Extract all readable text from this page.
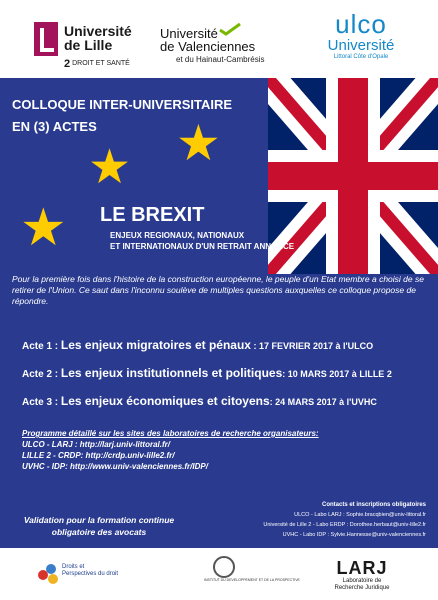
Université
de Lille
2 DROIT ET SANTÉ
Université
de Valenciennes
et du Hainaut-Cambrésis
ulco
Université
Littoral Côte d'Opale
COLLOQUE INTER-UNIVERSITAIRE
EN (3) ACTES	★
★
★ LE BREXIT
ENJEUX REGIONAUX, NATIONAUX
ET INTERNATIONAUX D'UN RETRAIT ANNONCE
Pour la première fois dans l'histoire de la construction européenne, le peuple d'un Etat membre a choisi de se retirer de l'Union. Ce saut dans l'inconnu soulève de multiples questions auxquelles ce colloque propose de répondre.
Acte 1 : Les enjeux migratoires et pénaux : 17 FEVRIER 2017 à l'ULCO
Acte 2 : Les enjeux institutionnels et politiques: 10 MARS 2017 à LILLE 2
Acte 3 : Les enjeux économiques et citoyens: 24 MARS 2017 à l'UVHC
Programme détaillé sur les sites des laboratoires de recherche organisateurs:
ULCO - LARJ : http://larj.univ-littoral.fr/
LILLE 2 - CRDP: http://crdp.univ-lille2.fr/
UVHC - IDP: http://www.univ-valenciennes.fr/IDP/
Validation pour la formation continue
obligatoire des avocats
Contacts et inscriptions obligatoires
ULCO - Labo LARJ : Sophie.bracqbien@univ-littoral.fr
Université de Lille 2 - Labo ERDP : Dorothee.herbaut@univ-lille2.fr
UVHC - Labo IDP : Sylvie.Hannesse@univ-valenciennes.fr
Droits et
Perspectives du droit
INSTITUT DU DEVELOPPEMENT ET DE LA PROSPECTIVE
LARJ
Laboratoire de
Recherche Juridique
